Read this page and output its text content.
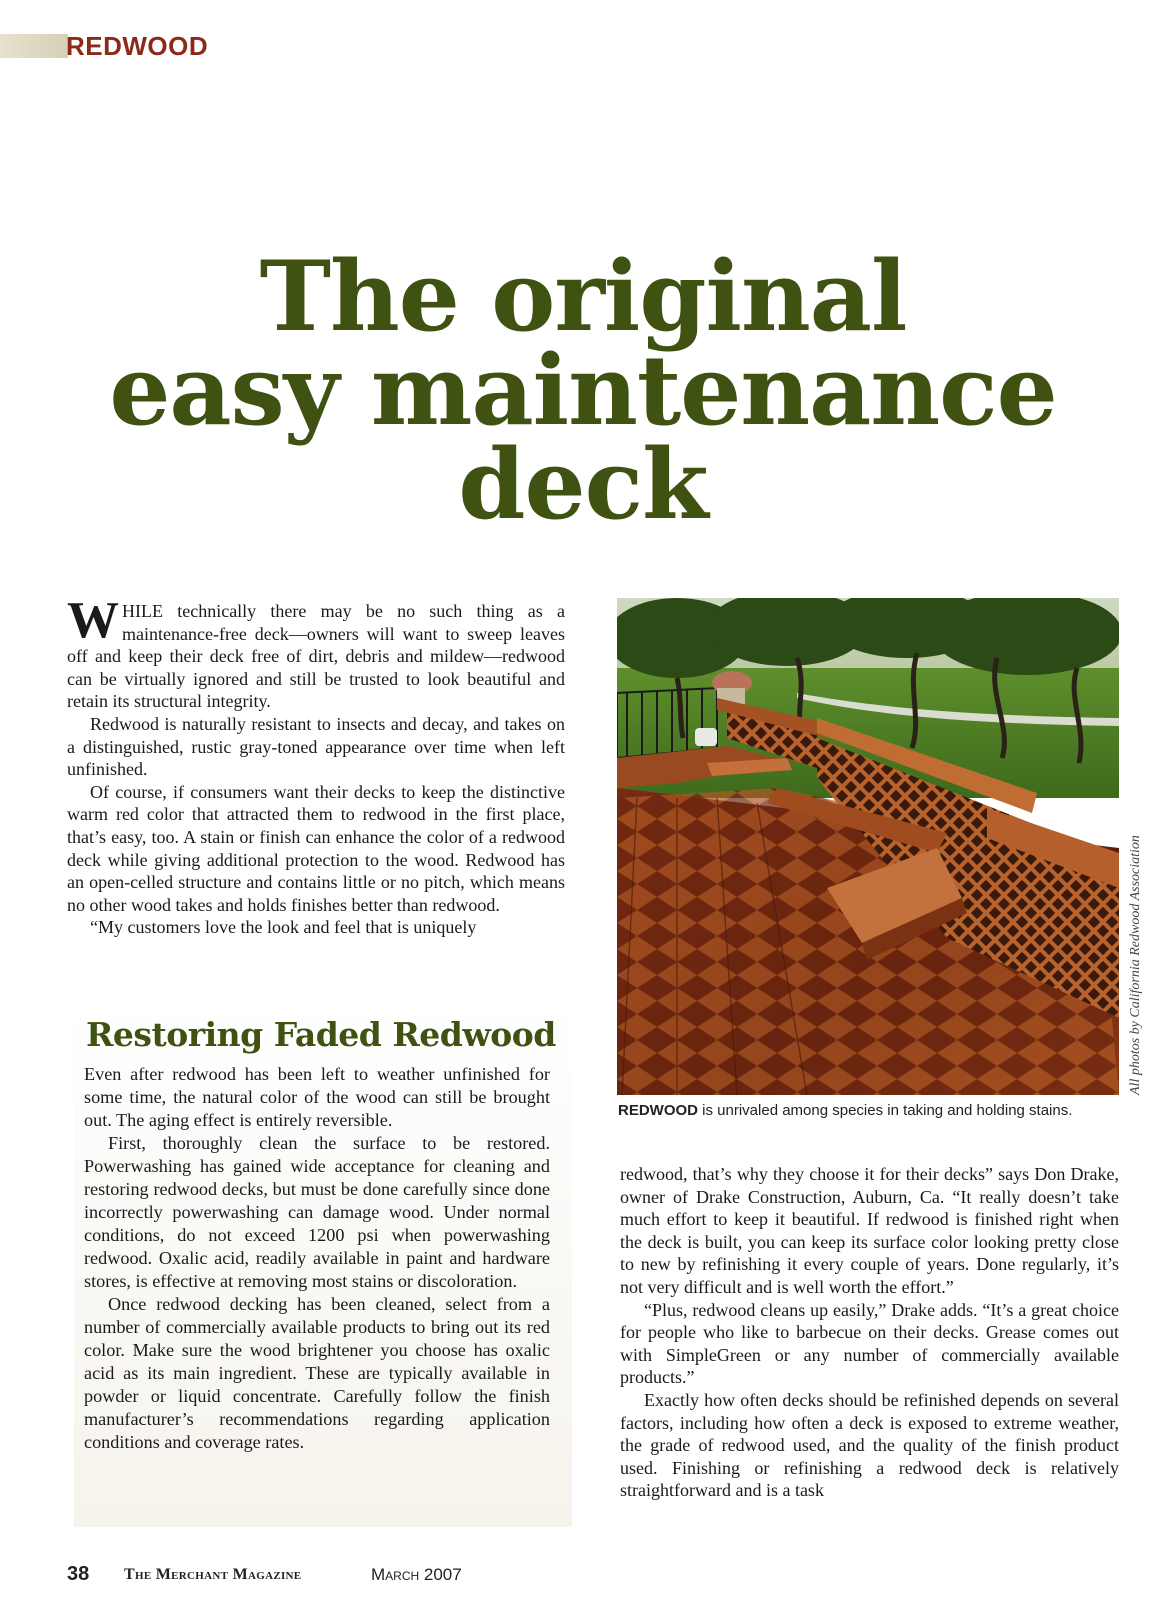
REDWOOD
The original
easy maintenance
deck

WHILE technically there may be no such thing as a maintenance-free deck—owners will want to sweep leaves off and keep their deck free of dirt, debris and mildew—redwood can be virtually ignored and still be trusted to look beautiful and retain its structural integrity.

Redwood is naturally resistant to insects and decay, and takes on a distinguished, rustic gray-toned appearance over time when left unfinished.

Of course, if consumers want their decks to keep the distinctive warm red color that attracted them to redwood in the first place, that’s easy, too. A stain or finish can enhance the color of a redwood deck while giving additional protection to the wood. Redwood has an open-celled structure and contains little or no pitch, which means no other wood takes and holds finishes better than redwood.

“My customers love the look and feel that is uniquely

Restoring Faded Redwood

Even after redwood has been left to weather unfinished for some time, the natural color of the wood can still be brought out. The aging effect is entirely reversible.

First, thoroughly clean the surface to be restored. Powerwashing has gained wide acceptance for cleaning and restoring redwood decks, but must be done carefully since done incorrectly powerwashing can damage wood. Under normal conditions, do not exceed 1200 psi when powerwashing redwood. Oxalic acid, readily available in paint and hardware stores, is effective at removing most stains or discoloration.

Once redwood decking has been cleaned, select from a number of commercially available products to bring out its red color. Make sure the wood brightener you choose has oxalic acid as its main ingredient. These are typically available in powder or liquid concentrate. Carefully follow the finish manufacturer’s recommendations regarding application conditions and coverage rates.

All photos by California Redwood Association
REDWOOD is unrivaled among species in taking and holding stains.

redwood, that’s why they choose it for their decks” says Don Drake, owner of Drake Construction, Auburn, Ca. “It really doesn’t take much effort to keep it beautiful. If redwood is finished right when the deck is built, you can keep its surface color looking pretty close to new by refinishing it every couple of years. Done regularly, it’s not very difficult and is well worth the effort.”

“Plus, redwood cleans up easily,” Drake adds. “It’s a great choice for people who like to barbecue on their decks. Grease comes out with SimpleGreen or any number of commercially available products.”

Exactly how often decks should be refinished depends on several factors, including how often a deck is exposed to extreme weather, the grade of redwood used, and the quality of the finish product used. Finishing or refinishing a redwood deck is relatively straightforward and is a task

38 The Merchant Magazine	March 2007
